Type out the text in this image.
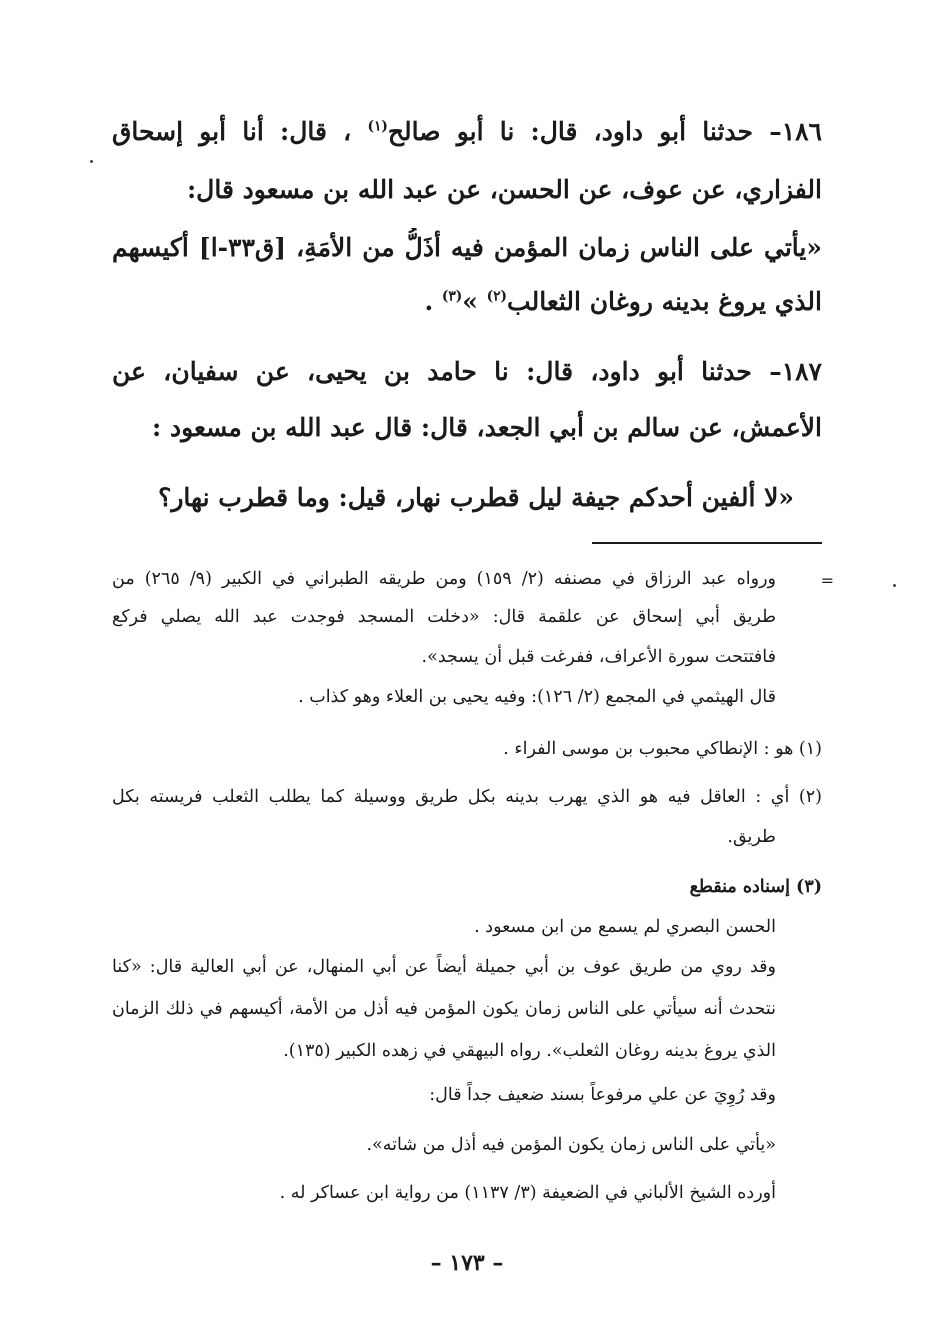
١٨٦– حدثنا أبو داود، قال: نا أبو صالح$^{(١)}$ ، قال: أنا أبو إسحاق
الفزاري، عن عوف، عن الحسن، عن عبد الله بن مسعود قال:
«يأتي على الناس زمان المؤمن فيه أذَلُّ من الأمَةِ، [ق٣٣-ا] أكيسهم
الذي يروغ بدينه روغان الثعالب$^{(٢)}$ »$^{(٣)}$ .
١٨٧– حدثنا أبو داود، قال: نا حامد بن يحيى، عن سفيان، عن
الأعمش، عن سالم بن أبي الجعد، قال: قال عبد الله بن مسعود :
«لا ألفين أحدكم جيفة ليل قطرب نهار، قيل: وما قطرب نهار؟
=
ورواه عبد الرزاق في مصنفه (٢/ ١٥٩) ومن طريقه الطبراني في الكبير (٩/ ٢٦٥) من
طريق أبي إسحاق عن علقمة قال: «دخلت المسجد فوجدت عبد الله يصلي فركع
فافتتحت سورة الأعراف، ففرغت قبل أن يسجد».
قال الهيثمي في المجمع (٢/ ١٢٦): وفيه يحيى بن العلاء وهو كذاب .
(١) هو : الإنطاكي محبوب بن موسى الفراء .
(٢) أي : العاقل فيه هو الذي يهرب بدينه بكل طريق ووسيلة كما يطلب الثعلب فريسته بكل
طريق.
(٣) إسناده منقطع
الحسن البصري لم يسمع من ابن مسعود .
وقد روي من طريق عوف بن أبي جميلة أيضاً عن أبي المنهال، عن أبي العالية قال: «كنا
نتحدث أنه سيأتي على الناس زمان يكون المؤمن فيه أذل من الأمة، أكيسهم في ذلك الزمان
الذي يروغ بدينه روغان الثعلب». رواه البيهقي في زهده الكبير (١٣٥).
وقد رُوِيَ عن علي مرفوعاً بسند ضعيف جداً قال:
«يأتي على الناس زمان يكون المؤمن فيه أذل من شاته».
أورده الشيخ الألباني في الضعيفة (٣/ ١١٣٧) من رواية ابن عساكر له .
– ١٧٣ –
